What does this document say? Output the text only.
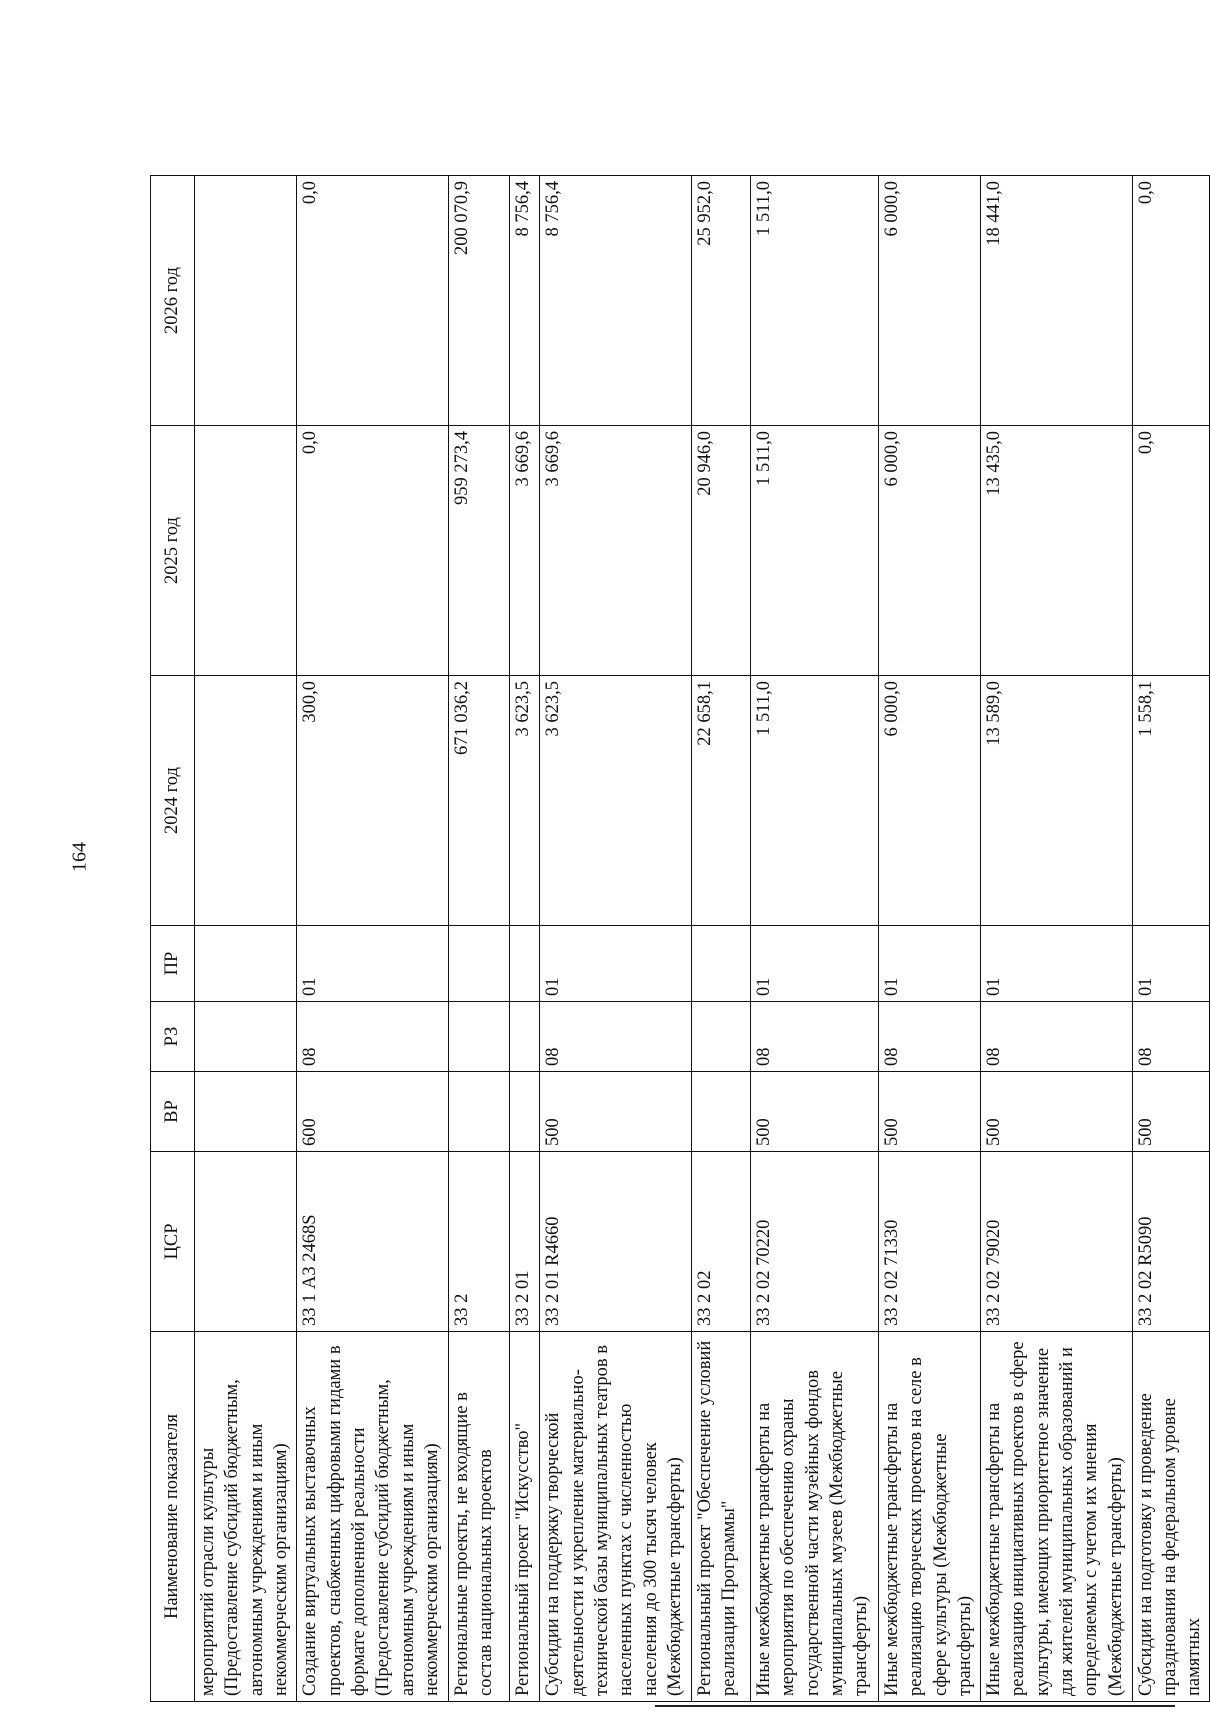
164
Наименование показателя	ЦСР	ВР	РЗ	ПР	2024 год	2025 год	2026 год
мероприятий отрасли культуры (Предоставление субсидий бюджетным, автономным учреждениям и иным некоммерческим организациям)							
Создание виртуальных выставочных проектов, снабженных цифровыми гидами в формате дополненной реальности (Предоставление субсидий бюджетным, автономным учреждениям и иным некоммерческим организациям)	33 1 А3 2468S	600	08	01	300,0	0,0	0,0
Региональные проекты, не входящие в состав национальных проектов	33 2				671 036,2	959 273,4	200 070,9
Региональный проект "Искусство"	33 2 01				3 623,5	3 669,6	8 756,4
Субсидии на поддержку творческой деятельности и укрепление материально-технической базы муниципальных театров в населенных пунктах с численностью населения до 300 тысяч человек (Межбюджетные трансферты)	33 2 01 R4660	500	08	01	3 623,5	3 669,6	8 756,4
Региональный проект "Обеспечение условий реализации Программы"	33 2 02				22 658,1	20 946,0	25 952,0
Иные межбюджетные трансферты на мероприятия по обеспечению охраны государственной части музейных фондов муниципальных музеев (Межбюджетные трансферты)	33 2 02 70220	500	08	01	1 511,0	1 511,0	1 511,0
Иные межбюджетные трансферты на реализацию творческих проектов на селе в сфере культуры (Межбюджетные трансферты)	33 2 02 71330	500	08	01	6 000,0	6 000,0	6 000,0
Иные межбюджетные трансферты на реализацию инициативных проектов в сфере культуры, имеющих приоритетное значение для жителей муниципальных образований и определяемых с учетом их мнения (Межбюджетные трансферты)	33 2 02 79020	500	08	01	13 589,0	13 435,0	18 441,0
Субсидии на подготовку и проведение празднования на федеральном уровне памятных	33 2 02 R5090	500	08	01	1 558,1	0,0	0,0
